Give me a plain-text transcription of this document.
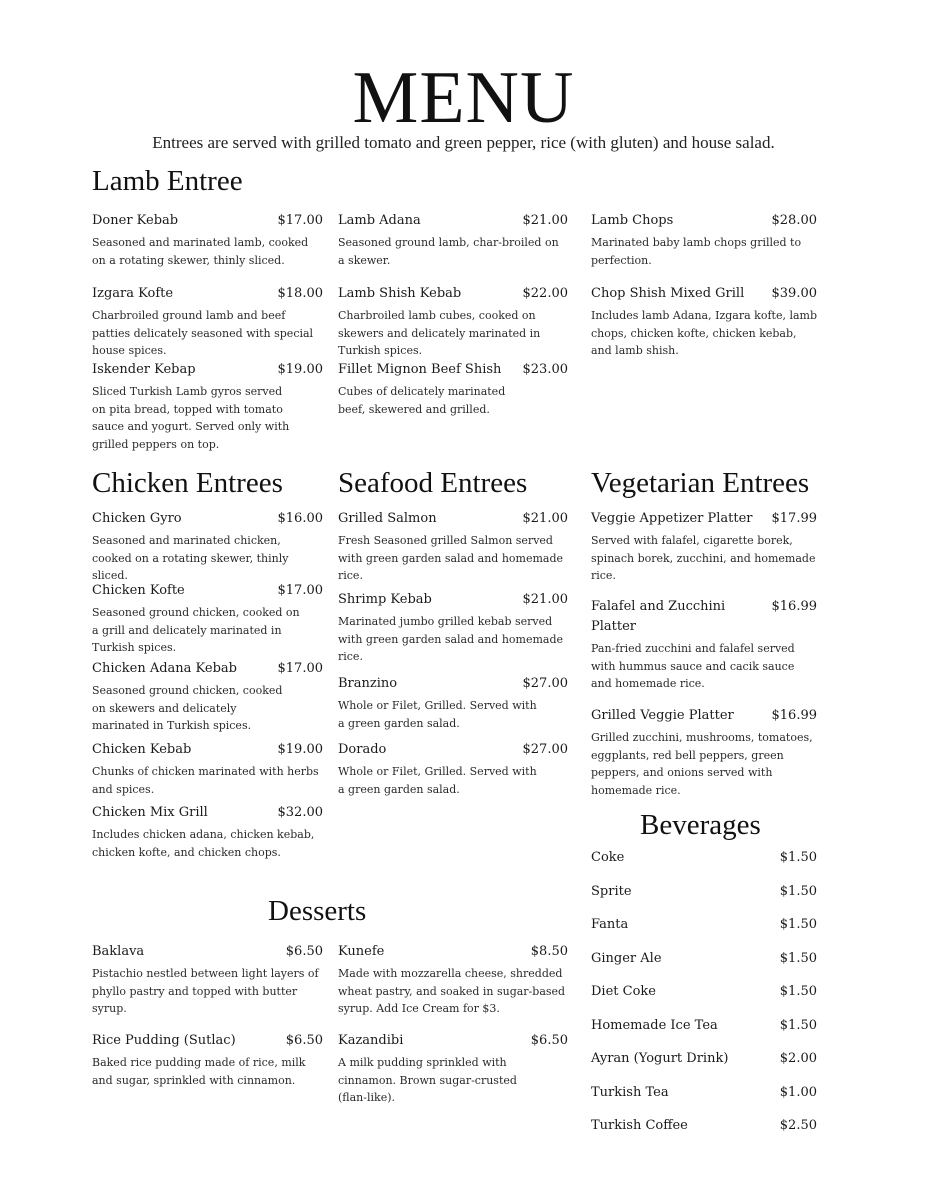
MENU
Entrees are served with grilled tomato and green pepper, rice (with gluten) and house salad.
Lamb Entree
Chicken Entrees Seafood Entrees Vegetarian Entrees
Beverages
Desserts
Doner Kebab	$17.00
Seasoned and marinated lamb, cooked on a rotating skewer, thinly sliced.
Izgara Kofte	$18.00
Charbroiled ground lamb and beef patties delicately seasoned with special house spices.
Iskender Kebap	$19.00
Sliced Turkish Lamb gyros served on pita bread, topped with tomato sauce and yogurt. Served only with grilled peppers on top.
Lamb Adana	$21.00
Seasoned ground lamb, char-broiled on a skewer.
Lamb Shish Kebab	$22.00
Charbroiled lamb cubes, cooked on skewers and delicately marinated in Turkish spices.
Fillet Mignon Beef Shish	$23.00
Cubes of delicately marinated beef, skewered and grilled.
Lamb Chops	$28.00
Marinated baby lamb chops grilled to perfection.
Chop Shish Mixed Grill	$39.00
Includes lamb Adana, Izgara kofte, lamb chops, chicken kofte, chicken kebab, and lamb shish.
Chicken Gyro	$16.00
Seasoned and marinated chicken, cooked on a rotating skewer, thinly sliced.
Chicken Kofte	$17.00
Seasoned ground chicken, cooked on a grill and delicately marinated in Turkish spices.
Chicken Adana Kebab	$17.00
Seasoned ground chicken, cooked on skewers and delicately marinated in Turkish spices.
Chicken Kebab	$19.00
Chunks of chicken marinated with herbs and spices.
Chicken Mix Grill	$32.00
Includes chicken adana, chicken kebab, chicken kofte, and chicken chops.
Grilled Salmon	$21.00
Fresh Seasoned grilled Salmon served with green garden salad and homemade rice.
Shrimp Kebab	$21.00
Marinated jumbo grilled kebab served with green garden salad and homemade rice.
Branzino	$27.00
Whole or Filet, Grilled. Served with a green garden salad.
Dorado	$27.00
Whole or Filet, Grilled. Served with a green garden salad.
Veggie Appetizer Platter	$17.99
Served with falafel, cigarette borek, spinach borek, zucchini, and homemade rice.
Falafel and Zucchini Platter
$16.99
Pan-fried zucchini and falafel served with hummus sauce and cacik sauce and homemade rice.
Grilled Veggie Platter	$16.99
Grilled zucchini, mushrooms, tomatoes, eggplants, red bell peppers, green peppers, and onions served with homemade rice.
Coke	$1.50
Sprite	$1.50
Fanta	$1.50
Ginger Ale	$1.50
Diet Coke	$1.50
Homemade Ice Tea	$1.50
Ayran (Yogurt Drink)	$2.00
Turkish Tea	$1.00
Turkish Coffee	$2.50
Baklava	$6.50
Pistachio nestled between light layers of phyllo pastry and topped with butter syrup.
Rice Pudding (Sutlac)	$6.50
Baked rice pudding made of rice, milk and sugar, sprinkled with cinnamon.
Kunefe	$8.50
Made with mozzarella cheese, shredded wheat pastry, and soaked in sugar-based syrup. Add Ice Cream for $3.
Kazandibi	$6.50
A milk pudding sprinkled with cinnamon. Brown sugar-crusted (flan-like).
